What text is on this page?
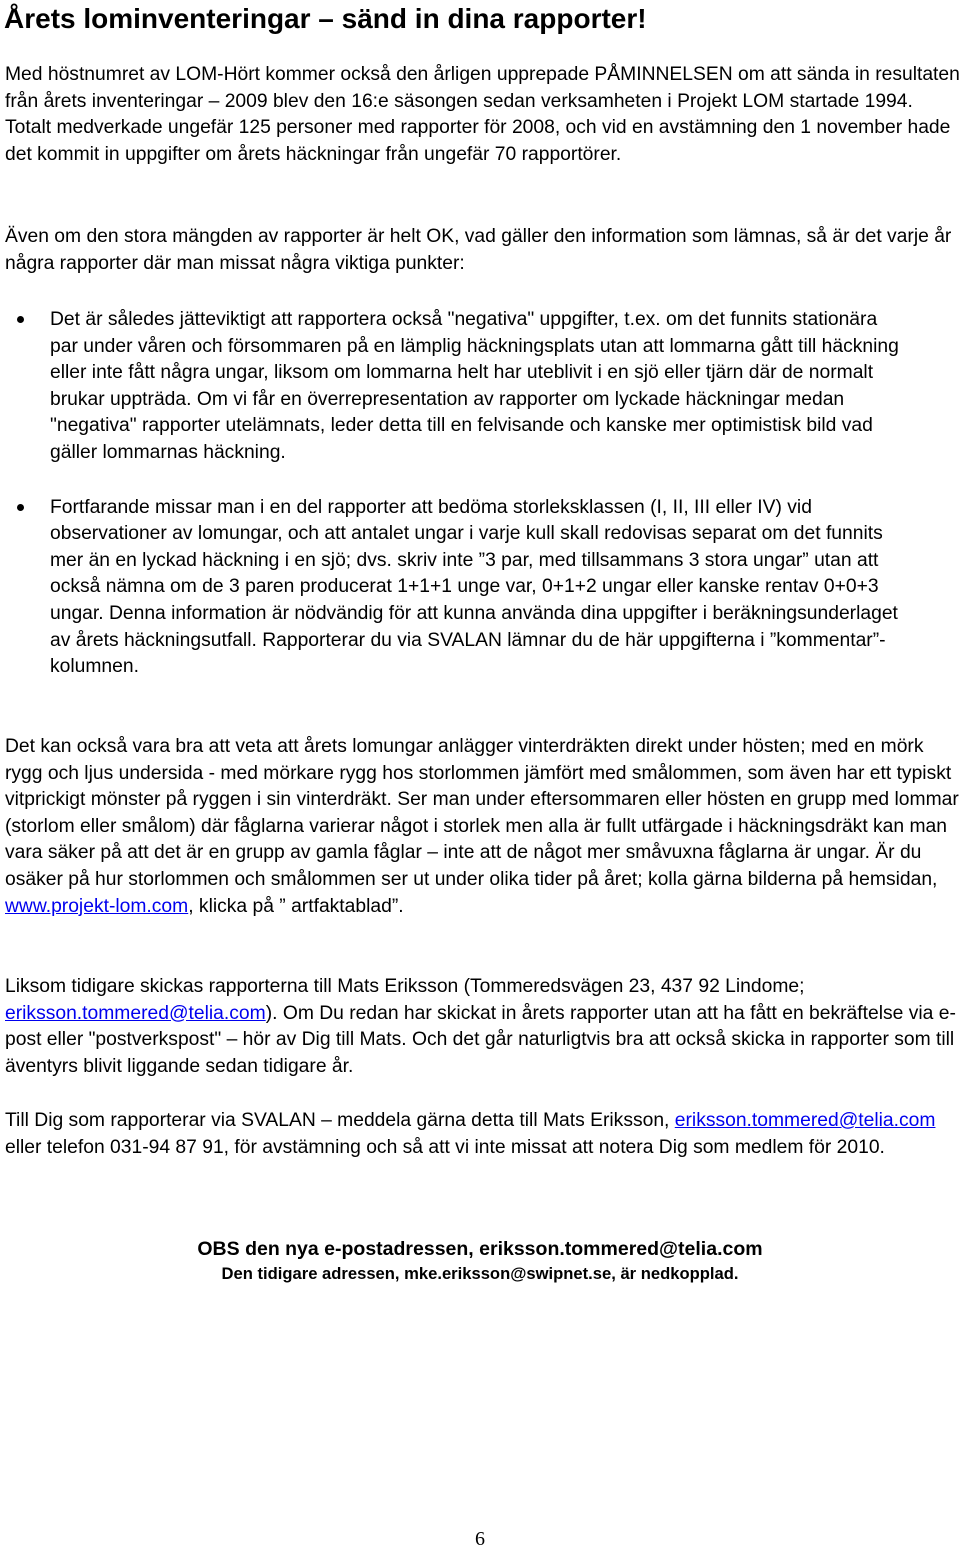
Årets lominventeringar – sänd in dina rapporter!

Med höstnumret av LOM-Hört kommer också den årligen upprepade PÅMINNELSEN om att sända in resultaten från årets inventeringar – 2009 blev den 16:e säsongen sedan verksamheten i Projekt LOM startade 1994. Totalt medverkade ungefär 125 personer med rapporter för 2008, och vid en avstämning den 1 november hade det kommit in uppgifter om årets häckningar från ungefär 70 rapportörer.

Även om den stora mängden av rapporter är helt OK, vad gäller den information som lämnas, så är det varje år några rapporter där man missat några viktiga punkter:

Det är således jätteviktigt att rapportera också "negativa" uppgifter, t.ex. om det funnits stationära par under våren och försommaren på en lämplig häckningsplats utan att lommarna gått till häckning eller inte fått några ungar, liksom om lommarna helt har uteblivit i en sjö eller tjärn där de normalt brukar uppträda. Om vi får en överrepresentation av rapporter om lyckade häckningar medan "negativa" rapporter utelämnats, leder detta till en felvisande och kanske mer optimistisk bild vad gäller lommarnas häckning.
Fortfarande missar man i en del rapporter att bedöma storleksklassen (I, II, III eller IV) vid observationer av lomungar, och att antalet ungar i varje kull skall redovisas separat om det funnits mer än en lyckad häckning i en sjö; dvs. skriv inte ”3 par, med tillsammans 3 stora ungar” utan att också nämna om de 3 paren producerat 1+1+1 unge var, 0+1+2 ungar eller kanske rentav 0+0+3 ungar. Denna information är nödvändig för att kunna använda dina uppgifter i beräkningsunderlaget av årets häckningsutfall. Rapporterar du via SVALAN lämnar du de här uppgifterna i ”kommentar”-kolumnen.

Det kan också vara bra att veta att årets lomungar anlägger vinterdräkten direkt under hösten; med en mörk rygg och ljus undersida - med mörkare rygg hos storlommen jämfört med smålommen, som även har ett typiskt vitprickigt mönster på ryggen i sin vinterdräkt. Ser man under eftersommaren eller hösten en grupp med lommar (storlom eller smålom) där fåglarna varierar något i storlek men alla är fullt utfärgade i häckningsdräkt kan man vara säker på att det är en grupp av gamla fåglar – inte att de något mer småvuxna fåglarna är ungar. Är du osäker på hur storlommen och smålommen ser ut under olika tider på året; kolla gärna bilderna på hemsidan, www.projekt-lom.com, klicka på ” artfaktablad”.

Liksom tidigare skickas rapporterna till Mats Eriksson (Tommeredsvägen 23, 437 92 Lindome; eriksson.tommered@telia.com). Om Du redan har skickat in årets rapporter utan att ha fått en bekräftelse via e-post eller "postverkspost" – hör av Dig till Mats. Och det går naturligtvis bra att också skicka in rapporter som till äventyrs blivit liggande sedan tidigare år.

Till Dig som rapporterar via SVALAN – meddela gärna detta till Mats Eriksson, eriksson.tommered@telia.com eller telefon 031-94 87 91, för avstämning och så att vi inte missat att notera Dig som medlem för 2010.

OBS den nya e-postadressen, eriksson.tommered@telia.com

Den tidigare adressen, mke.eriksson@swipnet.se, är nedkopplad.

6
